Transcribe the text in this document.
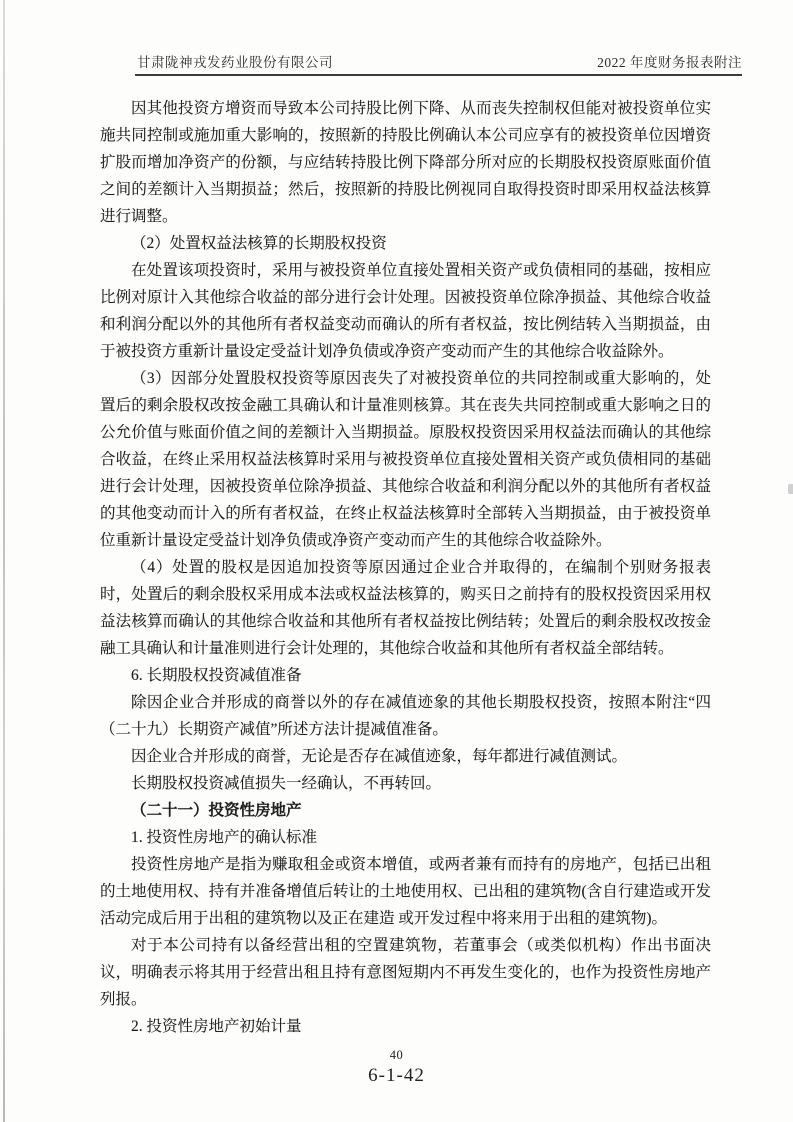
甘肃陇神戎发药业股份有限公司	2022 年度财务报表附注

因其他投资方增资而导致本公司持股比例下降、从而丧失控制权但能对被投资单位实施共同控制或施加重大影响的，按照新的持股比例确认本公司应享有的被投资单位因增资扩股而增加净资产的份额，与应结转持股比例下降部分所对应的长期股权投资原账面价值之间的差额计入当期损益；然后，按照新的持股比例视同自取得投资时即采用权益法核算进行调整。

（2）处置权益法核算的长期股权投资

在处置该项投资时，采用与被投资单位直接处置相关资产或负债相同的基础，按相应比例对原计入其他综合收益的部分进行会计处理。因被投资单位除净损益、其他综合收益和利润分配以外的其他所有者权益变动而确认的所有者权益，按比例结转入当期损益，由于被投资方重新计量设定受益计划净负债或净资产变动而产生的其他综合收益除外。

（3）因部分处置股权投资等原因丧失了对被投资单位的共同控制或重大影响的，处置后的剩余股权改按金融工具确认和计量准则核算。其在丧失共同控制或重大影响之日的公允价值与账面价值之间的差额计入当期损益。原股权投资因采用权益法而确认的其他综合收益，在终止采用权益法核算时采用与被投资单位直接处置相关资产或负债相同的基础进行会计处理，因被投资单位除净损益、其他综合收益和利润分配以外的其他所有者权益的其他变动而计入的所有者权益，在终止权益法核算时全部转入当期损益，由于被投资单位重新计量设定受益计划净负债或净资产变动而产生的其他综合收益除外。

（4）处置的股权是因追加投资等原因通过企业合并取得的，在编制个别财务报表时，处置后的剩余股权采用成本法或权益法核算的，购买日之前持有的股权投资因采用权益法核算而确认的其他综合收益和其他所有者权益按比例结转；处置后的剩余股权改按金融工具确认和计量准则进行会计处理的，其他综合收益和其他所有者权益全部结转。

6. 长期股权投资减值准备

除因企业合并形成的商誉以外的存在减值迹象的其他长期股权投资，按照本附注“四（二十九）长期资产减值”所述方法计提减值准备。

因企业合并形成的商誉，无论是否存在减值迹象，每年都进行减值测试。

长期股权投资减值损失一经确认，不再转回。

（二十一）投资性房地产

1. 投资性房地产的确认标准

投资性房地产是指为赚取租金或资本增值，或两者兼有而持有的房地产，包括已出租的土地使用权、持有并准备增值后转让的土地使用权、已出租的建筑物(含自行建造或开发活动完成后用于出租的建筑物以及正在建造 或开发过程中将来用于出租的建筑物)。

对于本公司持有以备经营出租的空置建筑物，若董事会（或类似机构）作出书面决议，明确表示将其用于经营出租且持有意图短期内不再发生变化的，也作为投资性房地产列报。

2. 投资性房地产初始计量

40
6-1-42
